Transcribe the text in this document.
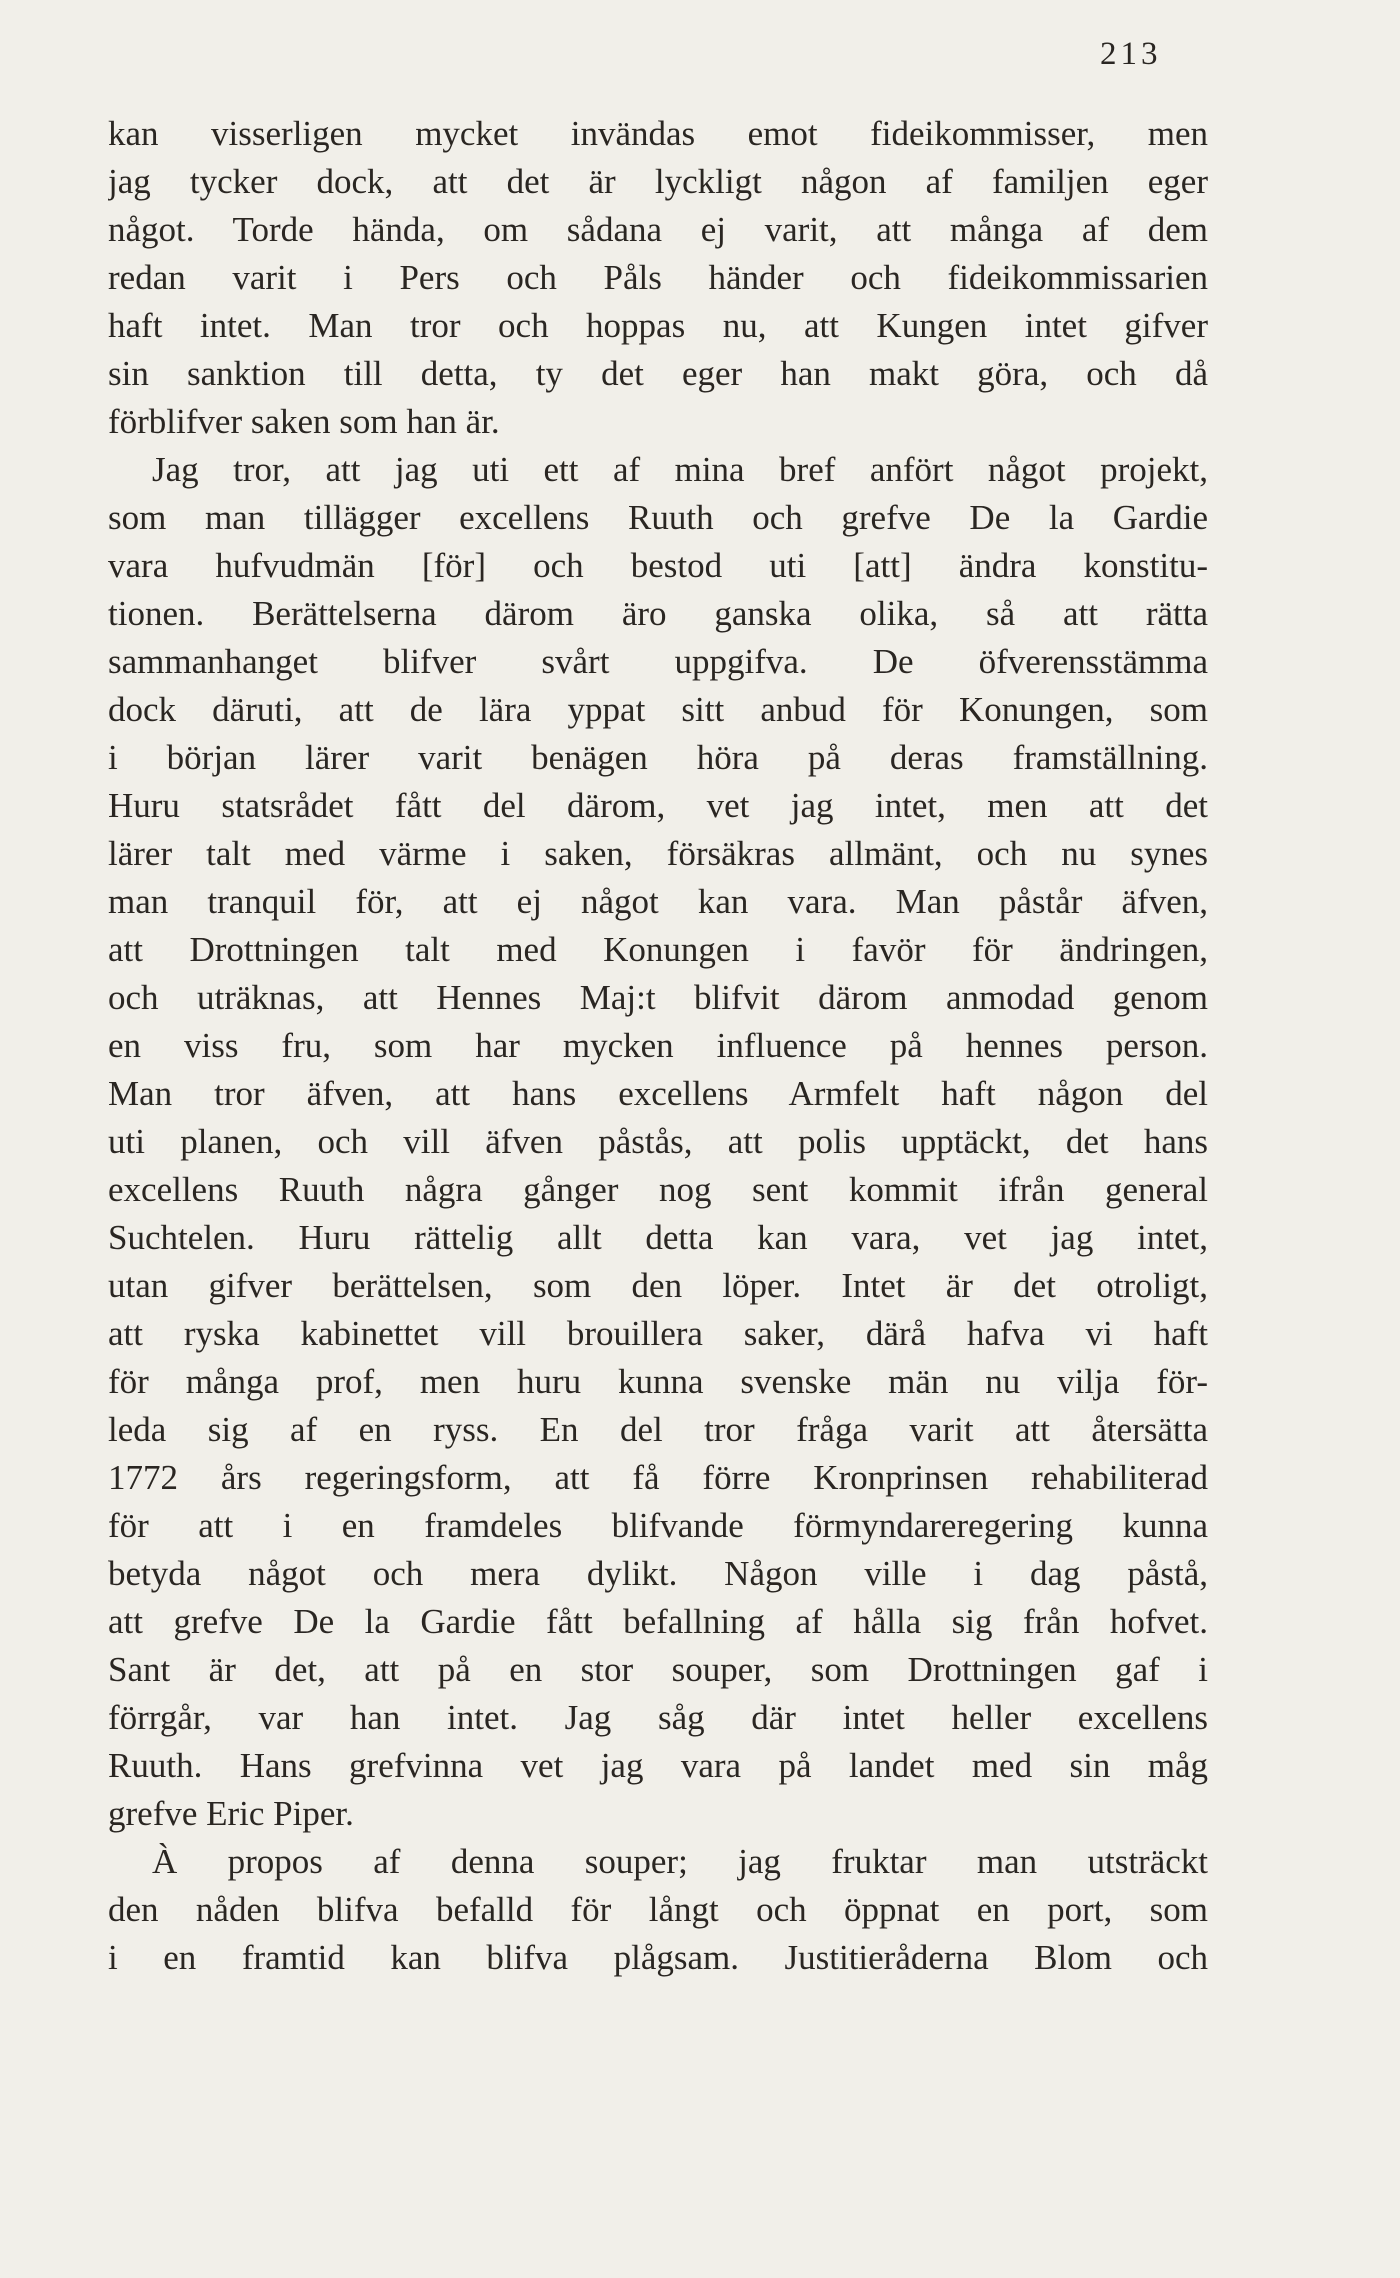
213
kan visserligen mycket invändas emot fideikommisser, men
jag tycker dock, att det är lyckligt någon af familjen eger
något. Torde hända, om sådana ej varit, att många af dem
redan varit i Pers och Påls händer och fideikommissarien
haft intet. Man tror och hoppas nu, att Kungen intet gifver
sin sanktion till detta, ty det eger han makt göra, och då
förblifver saken som han är.
Jag tror, att jag uti ett af mina bref anfört något projekt,
som man tillägger excellens Ruuth och grefve De la Gardie
vara hufvudmän [för] och bestod uti [att] ändra konstitu-
tionen. Berättelserna därom äro ganska olika, så att rätta
sammanhanget blifver svårt uppgifva. De öfverensstämma
dock däruti, att de lära yppat sitt anbud för Konungen, som
i början lärer varit benägen höra på deras framställning.
Huru statsrådet fått del därom, vet jag intet, men att det
lärer talt med värme i saken, försäkras allmänt, och nu synes
man tranquil för, att ej något kan vara. Man påstår äfven,
att Drottningen talt med Konungen i favör för ändringen,
och uträknas, att Hennes Maj:t blifvit därom anmodad genom
en viss fru, som har mycken influence på hennes person.
Man tror äfven, att hans excellens Armfelt haft någon del
uti planen, och vill äfven påstås, att polis upptäckt, det hans
excellens Ruuth några gånger nog sent kommit ifrån general
Suchtelen. Huru rättelig allt detta kan vara, vet jag intet,
utan gifver berättelsen, som den löper. Intet är det otroligt,
att ryska kabinettet vill brouillera saker, därå hafva vi haft
för många prof, men huru kunna svenske män nu vilja för-
leda sig af en ryss. En del tror fråga varit att återsätta
1772 års regeringsform, att få förre Kronprinsen rehabiliterad
för att i en framdeles blifvande förmyndareregering kunna
betyda något och mera dylikt. Någon ville i dag påstå,
att grefve De la Gardie fått befallning af hålla sig från hofvet.
Sant är det, att på en stor souper, som Drottningen gaf i
förrgår, var han intet. Jag såg där intet heller excellens
Ruuth. Hans grefvinna vet jag vara på landet med sin måg
grefve Eric Piper.
À propos af denna souper; jag fruktar man utsträckt
den nåden blifva befalld för långt och öppnat en port, som
i en framtid kan blifva plågsam. Justitieråderna Blom och
